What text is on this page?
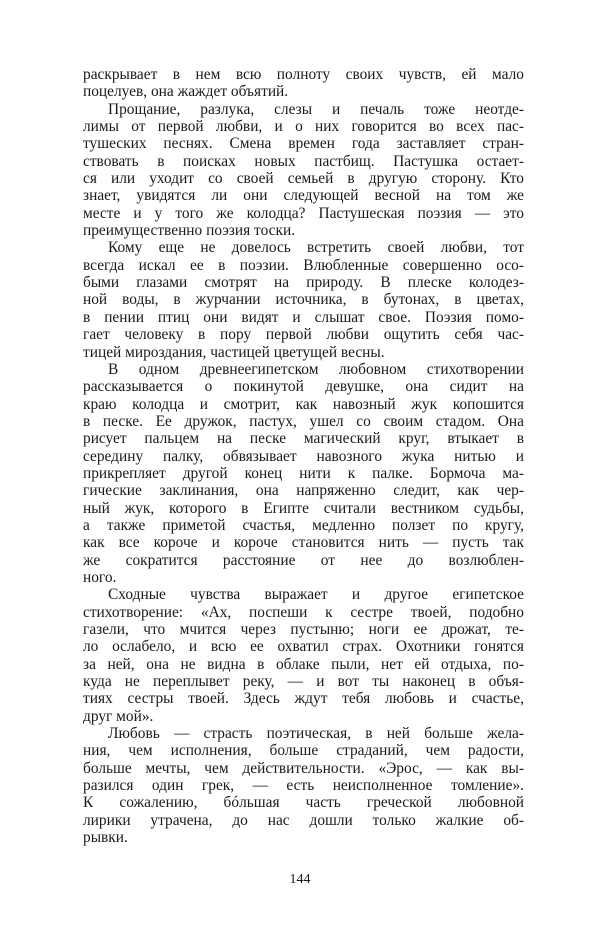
раскрывает в нем всю полноту своих чувств, ей мало
поцелуев, она жаждет объятий.
Прощание, разлука, слезы и печаль тоже неотде-
лимы от первой любви, и о них говорится во всех пас-
тушеских песнях. Смена времен года заставляет стран-
ствовать в поисках новых пастбищ. Пастушка остает-
ся или уходит со своей семьей в другую сторону. Кто
знает, увидятся ли они следующей весной на том же
месте и у того же колодца? Пастушеская поэзия — это
преимущественно поэзия тоски.
Кому еще не довелось встретить своей любви, тот
всегда искал ее в поэзии. Влюбленные совершенно осо-
быми глазами смотрят на природу. В плеске колодез-
ной воды, в журчании источника, в бутонах, в цветах,
в пении птиц они видят и слышат свое. Поэзия помо-
гает человеку в пору первой любви ощутить себя час-
тицей мироздания, частицей цветущей весны.
В одном древнеегипетском любовном стихотворении
рассказывается о покинутой девушке, она сидит на
краю колодца и смотрит, как навозный жук копошится
в песке. Ее дружок, пастух, ушел со своим стадом. Она
рисует пальцем на песке магический круг, втыкает в
середину палку, обвязывает навозного жука нитью и
прикрепляет другой конец нити к палке. Бормоча ма-
гические заклинания, она напряженно следит, как чер-
ный жук, которого в Египте считали вестником судьбы,
а также приметой счастья, медленно ползет по кругу,
как все короче и короче становится нить — пусть так
же сократится расстояние от нее до возлюблен-
ного.
Сходные чувства выражает и другое египетское
стихотворение: «Ах, поспеши к сестре твоей, подобно
газели, что мчится через пустыню; ноги ее дрожат, те-
ло ослабело, и всю ее охватил страх. Охотники гонятся
за ней, она не видна в облаке пыли, нет ей отдыха, по-
куда не переплывет реку, — и вот ты наконец в объя-
тиях сестры твоей. Здесь ждут тебя любовь и счастье,
друг мой».
Любовь — страсть поэтическая, в ней больше жела-
ния, чем исполнения, больше страданий, чем радости,
больше мечты, чем действительности. «Эрос, — как вы-
разился один грек, — есть неисполненное томление».
К сожалению, бóльшая часть греческой любовной
лирики утрачена, до нас дошли только жалкие об-
рывки.
144
